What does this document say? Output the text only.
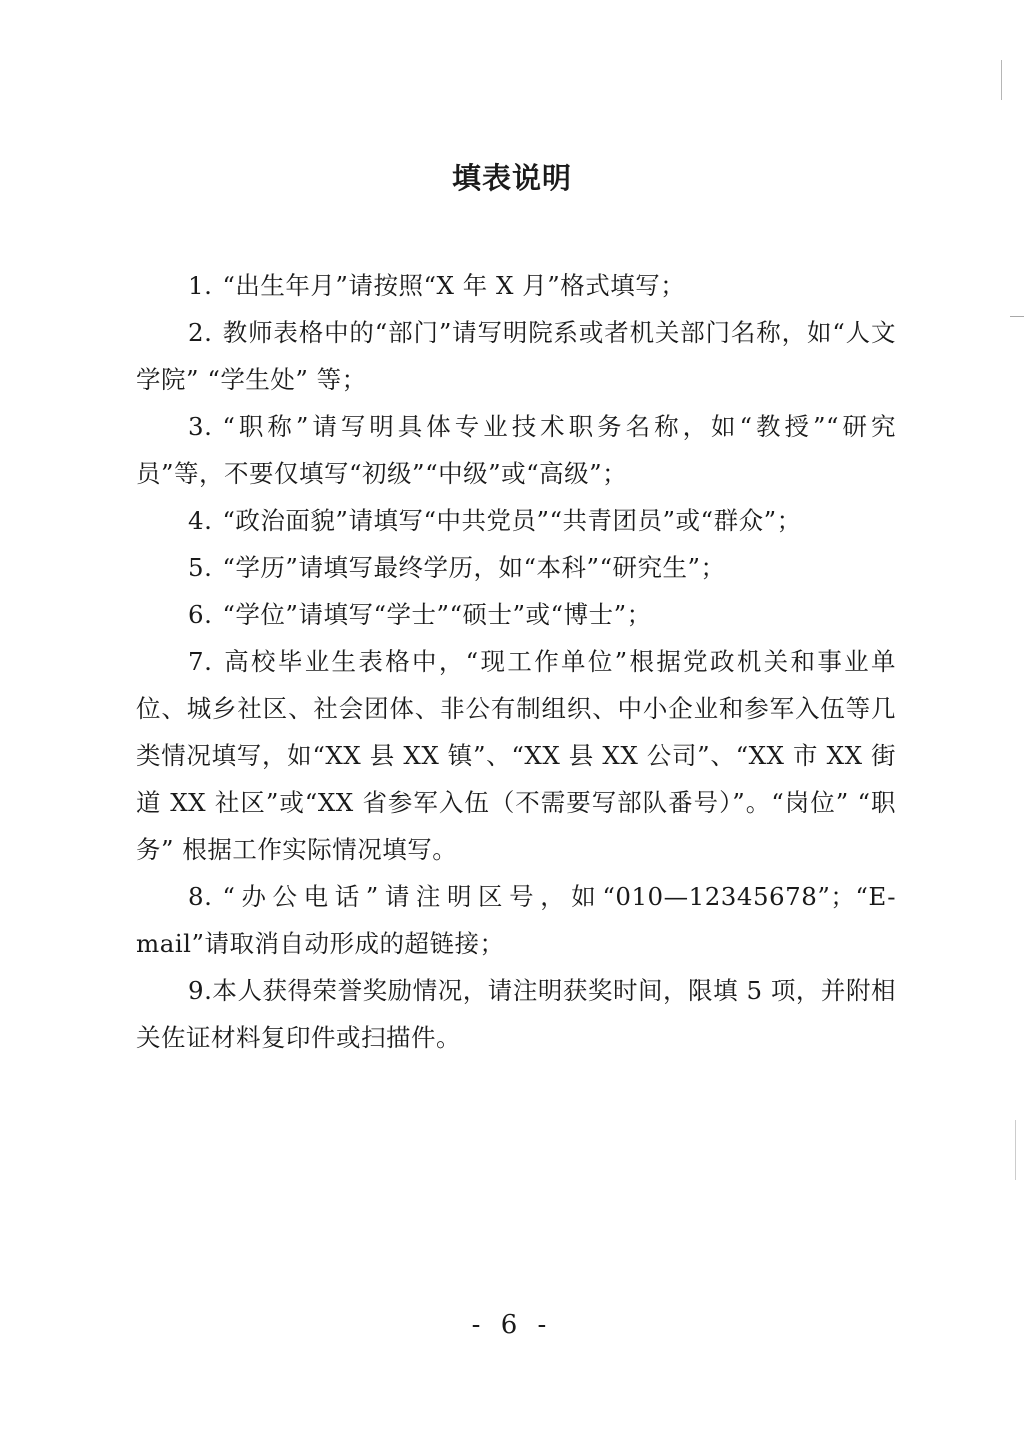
填表说明

1. “出生年月”请按照“X 年 X 月”格式填写；

2. 教师表格中的“部门”请写明院系或者机关部门名称，如“人文学院” “学生处” 等；

3. “职称”请写明具体专业技术职务名称，如“教授”“研究员”等，不要仅填写“初级”“中级”或“高级”；

4. “政治面貌”请填写“中共党员”“共青团员”或“群众”；

5. “学历”请填写最终学历，如“本科”“研究生”；

6. “学位”请填写“学士”“硕士”或“博士”；

7. 高校毕业生表格中，“现工作单位”根据党政机关和事业单位、城乡社区、社会团体、非公有制组织、中小企业和参军入伍等几类情况填写，如“XX 县 XX 镇”、“XX 县 XX 公司”、“XX 市 XX 街道 XX 社区”或“XX 省参军入伍（不需要写部队番号）”。“岗位” “职务” 根据工作实际情况填写。

8. “办公电话”请注明区号，如“010—12345678”；“E-mail”请取消自动形成的超链接；

9.本人获得荣誉奖励情况，请注明获奖时间，限填 5 项，并附相关佐证材料复印件或扫描件。

- 6 -
